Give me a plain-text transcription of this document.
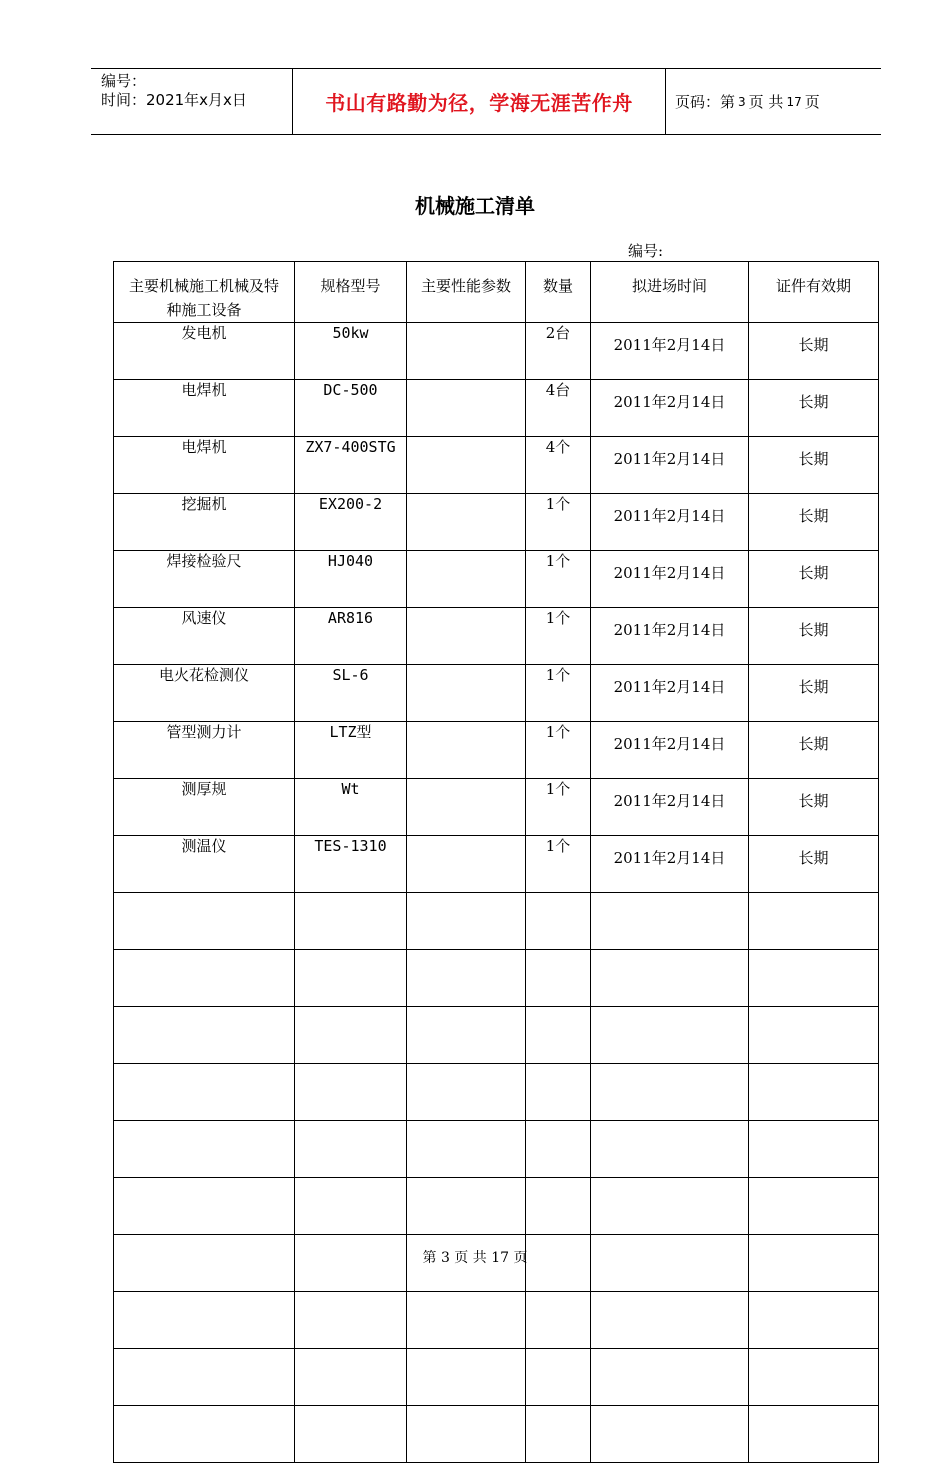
编号：
时间：2021年x月x日	书山有路勤为径，学海无涯苦作舟	页码：第 3 页 共 17 页
机械施工清单
编号:
主要机械施工机械及特种施工设备	规格型号	主要性能参数	数量	拟进场时间	证件有效期
发电机	50kw		2台	2011年2月14日	长期
电焊机	DC-500		4台	2011年2月14日	长期
电焊机	ZX7-400STG		4个	2011年2月14日	长期
挖掘机	EX200-2		1个	2011年2月14日	长期
焊接检验尺	HJ040		1个	2011年2月14日	长期
风速仪	AR816		1个	2011年2月14日	长期
电火花检测仪	SL-6		1个	2011年2月14日	长期
管型测力计	LTZ型		1个	2011年2月14日	长期
测厚规	Wt		1个	2011年2月14日	长期
测温仪	TES-1310		1个	2011年2月14日	长期

第 3 页 共 17 页
